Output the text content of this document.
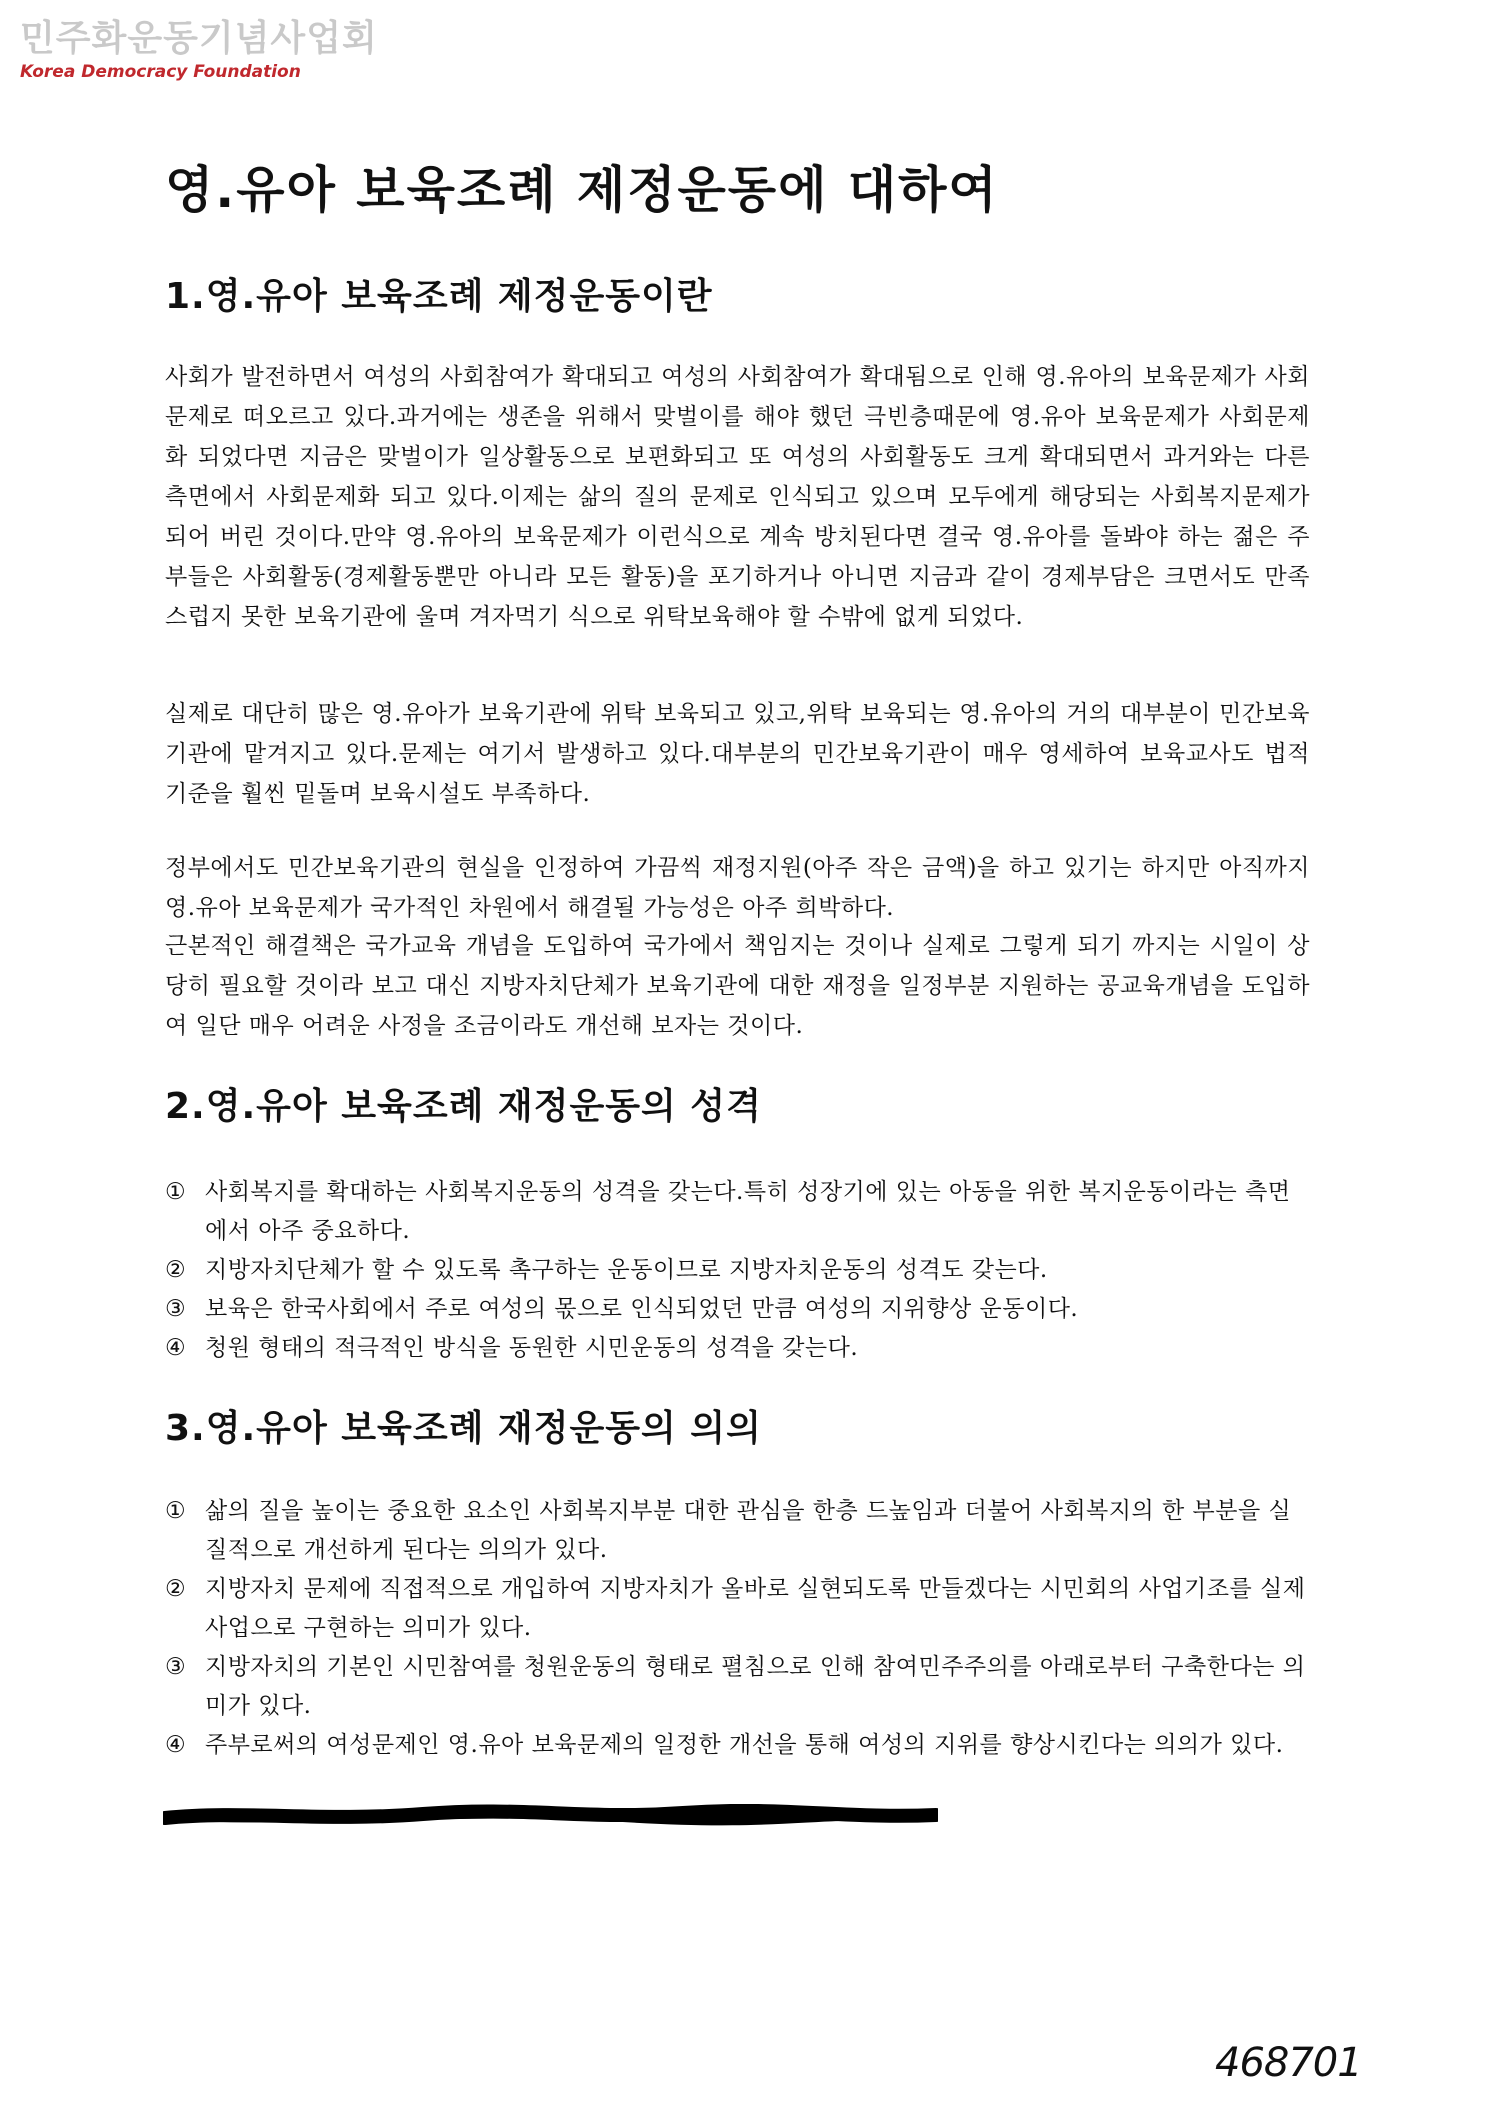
민주화운동기념사업회
Korea Democracy Foundation
영.유아 보육조례 제정운동에 대하여
1.영.유아 보육조례 제정운동이란
사회가 발전하면서 여성의 사회참여가 확대되고 여성의 사회참여가 확대됨으로 인해 영.유아의 보육문제가 사회문제로 떠오르고 있다.과거에는 생존을 위해서 맞벌이를 해야 했던 극빈층때문에 영.유아 보육문제가 사회문제화 되었다면 지금은 맞벌이가 일상활동으로 보편화되고 또 여성의 사회활동도 크게 확대되면서 과거와는 다른 측면에서 사회문제화 되고 있다.이제는 삶의 질의 문제로 인식되고 있으며 모두에게 해당되는 사회복지문제가 되어 버린 것이다.만약 영.유아의 보육문제가 이런식으로 계속 방치된다면 결국 영.유아를 돌봐야 하는 젊은 주부들은 사회활동(경제활동뿐만 아니라 모든 활동)을 포기하거나 아니면 지금과 같이 경제부담은 크면서도 만족스럽지 못한 보육기관에 울며 겨자먹기 식으로 위탁보육해야 할 수밖에 없게 되었다.
실제로 대단히 많은 영.유아가 보육기관에 위탁 보육되고 있고,위탁 보육되는 영.유아의 거의 대부분이 민간보육기관에 맡겨지고 있다.문제는 여기서 발생하고 있다.대부분의 민간보육기관이 매우 영세하여 보육교사도 법적 기준을 훨씬 밑돌며 보육시설도 부족하다.
정부에서도 민간보육기관의 현실을 인정하여 가끔씩 재정지원(아주 작은 금액)을 하고 있기는 하지만 아직까지 영.유아 보육문제가 국가적인 차원에서 해결될 가능성은 아주 희박하다.
근본적인 해결책은 국가교육 개념을 도입하여 국가에서 책임지는 것이나 실제로 그렇게 되기 까지는 시일이 상당히 필요할 것이라 보고 대신 지방자치단체가 보육기관에 대한 재정을 일정부분 지원하는 공교육개념을 도입하여 일단 매우 어려운 사정을 조금이라도 개선해 보자는 것이다.
2.영.유아 보육조례 재정운동의 성격
① 사회복지를 확대하는 사회복지운동의 성격을 갖는다.특히 성장기에 있는 아동을 위한 복지운동이라는 측면에서 아주 중요하다.
② 지방자치단체가 할 수 있도록 촉구하는 운동이므로 지방자치운동의 성격도 갖는다.
③ 보육은 한국사회에서 주로 여성의 몫으로 인식되었던 만큼 여성의 지위향상 운동이다.
④ 청원 형태의 적극적인 방식을 동원한 시민운동의 성격을 갖는다.
3.영.유아 보육조례 재정운동의 의의
① 삶의 질을 높이는 중요한 요소인 사회복지부분 대한 관심을 한층 드높임과 더불어 사회복지의 한 부분을 실질적으로 개선하게 된다는 의의가 있다.
② 지방자치 문제에 직접적으로 개입하여 지방자치가 올바로 실현되도록 만들겠다는 시민회의 사업기조를 실제사업으로 구현하는 의미가 있다.
③ 지방자치의 기본인 시민참여를 청원운동의 형태로 펼침으로 인해 참여민주주의를 아래로부터 구축한다는 의미가 있다.
④ 주부로써의 여성문제인 영.유아 보육문제의 일정한 개선을 통해 여성의 지위를 향상시킨다는 의의가 있다.
468701
